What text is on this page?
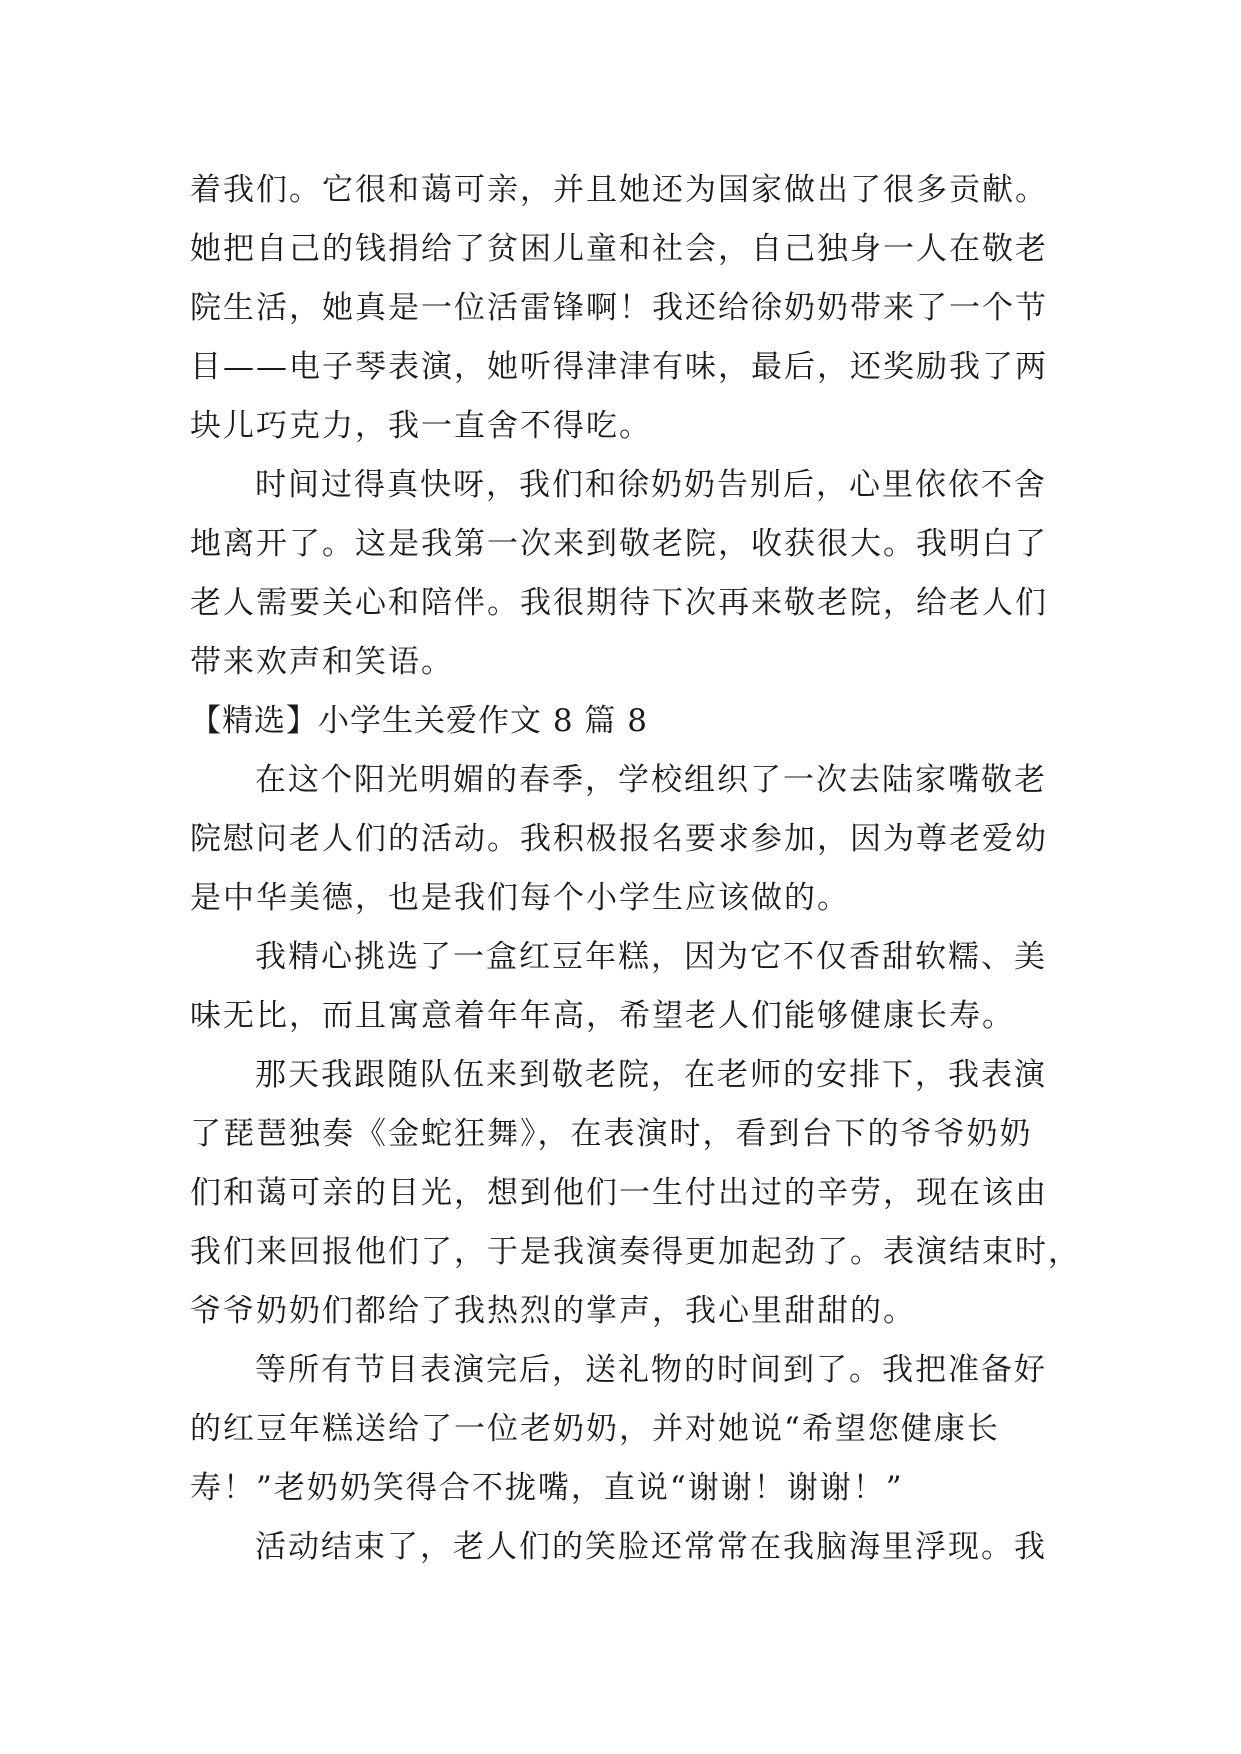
着我们。它很和蔼可亲，并且她还为国家做出了很多贡献。
她把自己的钱捐给了贫困儿童和社会，自己独身一人在敬老
院生活，她真是一位活雷锋啊！我还给徐奶奶带来了一个节
目——电子琴表演，她听得津津有味，最后，还奖励我了两
块儿巧克力，我一直舍不得吃。
时间过得真快呀，我们和徐奶奶告别后，心里依依不舍
地离开了。这是我第一次来到敬老院，收获很大。我明白了
老人需要关心和陪伴。我很期待下次再来敬老院，给老人们
带来欢声和笑语。
【精选】小学生关爱作文 8 篇 8
在这个阳光明媚的春季，学校组织了一次去陆家嘴敬老
院慰问老人们的活动。我积极报名要求参加，因为尊老爱幼
是中华美德，也是我们每个小学生应该做的。
我精心挑选了一盒红豆年糕，因为它不仅香甜软糯、美
味无比，而且寓意着年年高，希望老人们能够健康长寿。
那天我跟随队伍来到敬老院，在老师的安排下，我表演
了琵琶独奏《金蛇狂舞》，在表演时，看到台下的爷爷奶奶
们和蔼可亲的目光，想到他们一生付出过的辛劳，现在该由
我们来回报他们了，于是我演奏得更加起劲了。表演结束时，
爷爷奶奶们都给了我热烈的掌声，我心里甜甜的。
等所有节目表演完后，送礼物的时间到了。我把准备好
的红豆年糕送给了一位老奶奶，并对她说“希望您健康长
寿！”老奶奶笑得合不拢嘴，直说“谢谢！谢谢！”
活动结束了，老人们的笑脸还常常在我脑海里浮现。我
